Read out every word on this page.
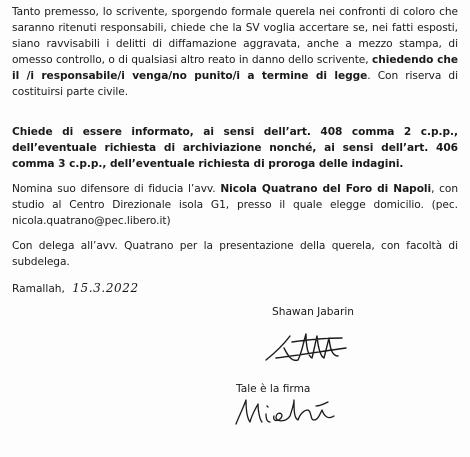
Tanto premesso, lo scrivente, sporgendo formale querela nei confronti di coloro che saranno ritenuti responsabili, chiede che la SV voglia accertare se, nei fatti esposti, siano ravvisabili i delitti di diffamazione aggravata, anche a mezzo stampa, di omesso controllo, o di qualsiasi altro reato in danno dello scrivente, chiedendo che il /i responsabile/i venga/no punito/i a termine di legge. Con riserva di costituirsi parte civile.
Chiede di essere informato, ai sensi dell’art. 408 comma 2 c.p.p., dell’eventuale richiesta di archiviazione nonché, ai sensi dell’art. 406 comma 3 c.p.p., dell’eventuale richiesta di proroga delle indagini.
Nomina suo difensore di fiducia l’avv. Nicola Quatrano del Foro di Napoli, con studio al Centro Direzionale isola G1, presso il quale elegge domicilio. (pec. nicola.quatrano@pec.libero.it)
Con delega all’avv. Quatrano per la presentazione della querela, con facoltà di subdelega.
Ramallah, 15.3.2022
Shawan Jabarin
Tale è la firma
